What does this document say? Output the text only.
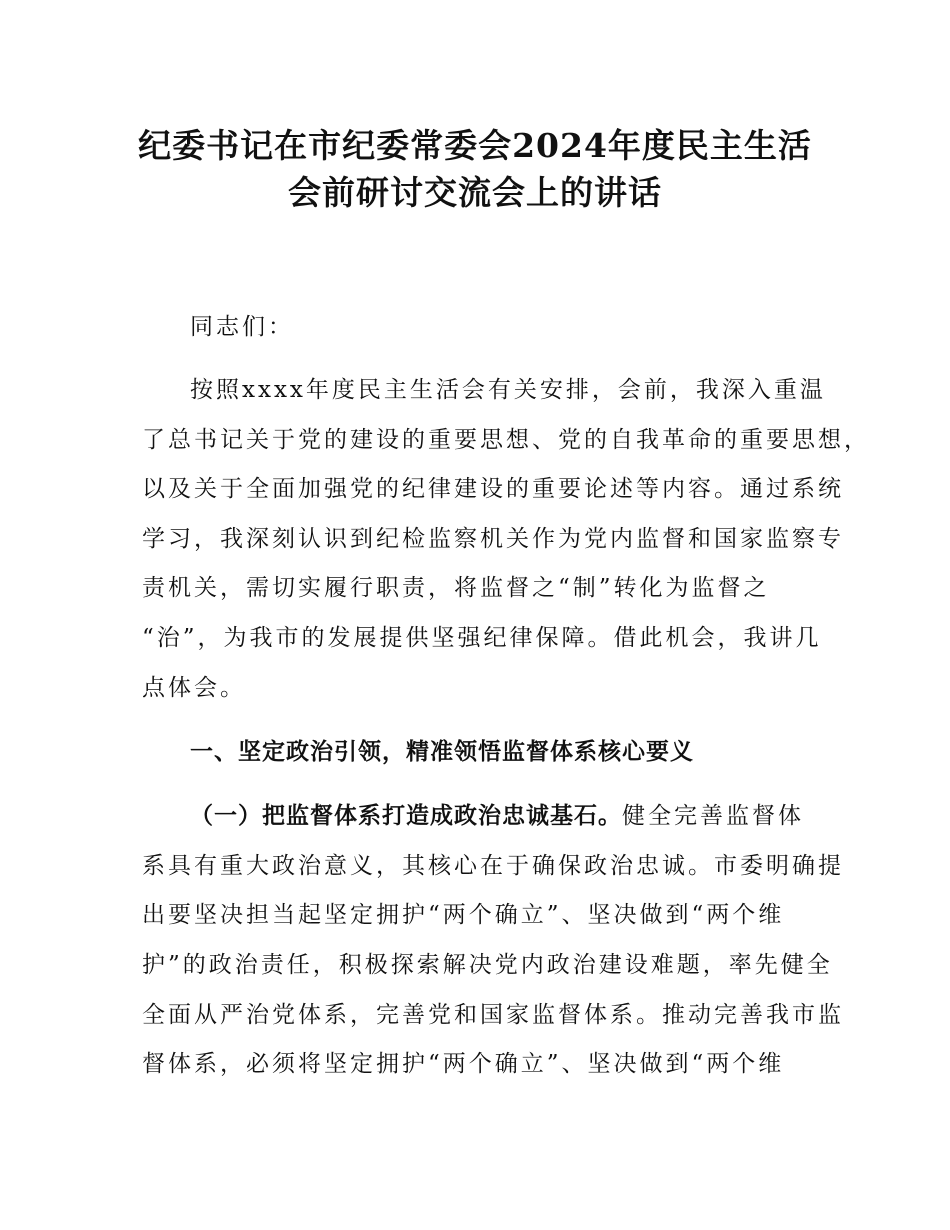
纪委书记在市纪委常委会2024年度民主生活
会前研讨交流会上的讲话
同志们：
按照xxxx年度民主生活会有关安排，会前，我深入重温
了总书记关于党的建设的重要思想、党的自我革命的重要思想，
以及关于全面加强党的纪律建设的重要论述等内容。通过系统
学习，我深刻认识到纪检监察机关作为党内监督和国家监察专
责机关，需切实履行职责，将监督之“制”转化为监督之
“治”，为我市的发展提供坚强纪律保障。借此机会，我讲几
点体会。
一、坚定政治引领，精准领悟监督体系核心要义
（一）把监督体系打造成政治忠诚基石。健全完善监督体
系具有重大政治意义，其核心在于确保政治忠诚。市委明确提
出要坚决担当起坚定拥护“两个确立”、坚决做到“两个维
护”的政治责任，积极探索解决党内政治建设难题，率先健全
全面从严治党体系，完善党和国家监督体系。推动完善我市监
督体系，必须将坚定拥护“两个确立”、坚决做到“两个维
